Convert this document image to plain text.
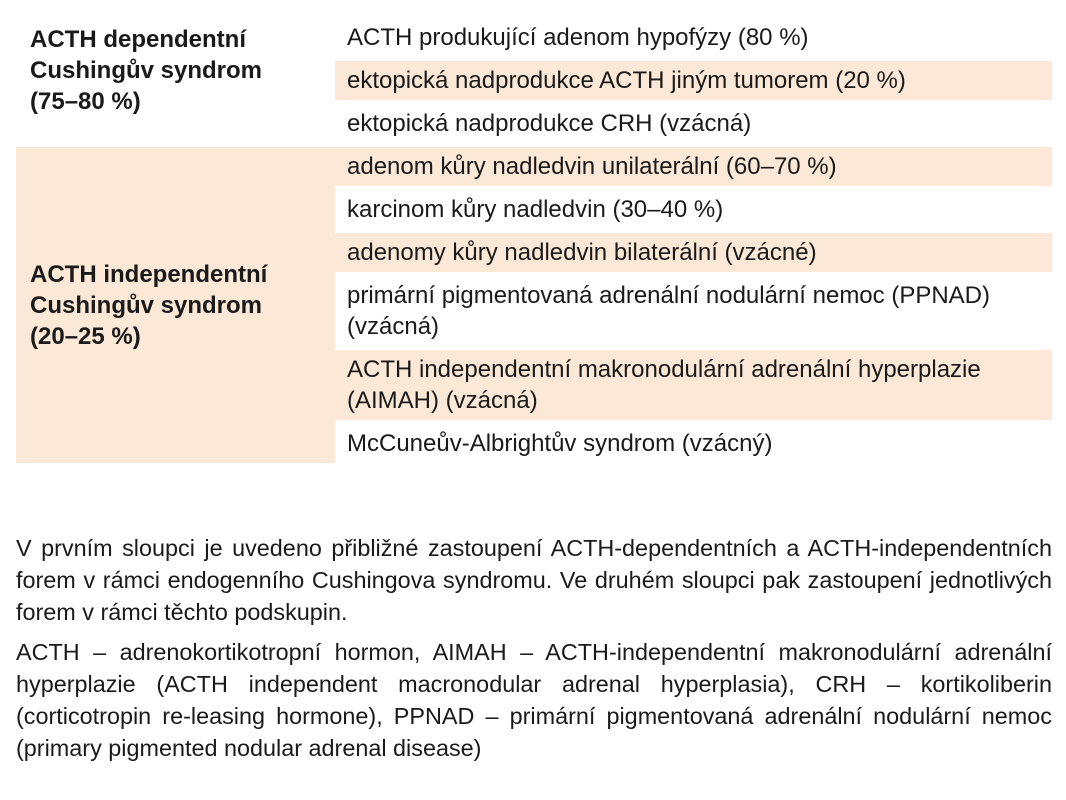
ACTH dependentní
Cushingův syndrom
(75–80 %)	ACTH produkující adenom hypofýzy (80 %)
	ektopická nadprodukce ACTH jiným tumorem (20 %)
	ektopická nadprodukce CRH (vzácná)
ACTH independentní
Cushingův syndrom
(20–25 %)	adenom kůry nadledvin unilaterální (60–70 %)
	karcinom kůry nadledvin (30–40 %)
	adenomy kůry nadledvin bilaterální (vzácné)
	primární pigmentovaná adrenální nodulární nemoc (PPNAD) (vzácná)
	ACTH independentní makronodulární adrenální hyperplazie (AIMAH) (vzácná)
	McCuneův-Albrightův syndrom (vzácný)

V prvním sloupci je uvedeno přibližné zastoupení ACTH-dependentních a ACTH-independentních forem v rámci endogenního Cushingova syndromu. Ve druhém sloupci pak zastoupení jednotlivých forem v rámci těchto podskupin.

ACTH – adrenokortikotropní hormon, AIMAH – ACTH-independentní makronodulární adrenální hyperplazie (ACTH independent macronodular adrenal hyperplasia), CRH – kortikoliberin (corticotropin re-leasing hormone), PPNAD – primární pigmentovaná adrenální nodulární nemoc (primary pigmented nodular adrenal disease)
